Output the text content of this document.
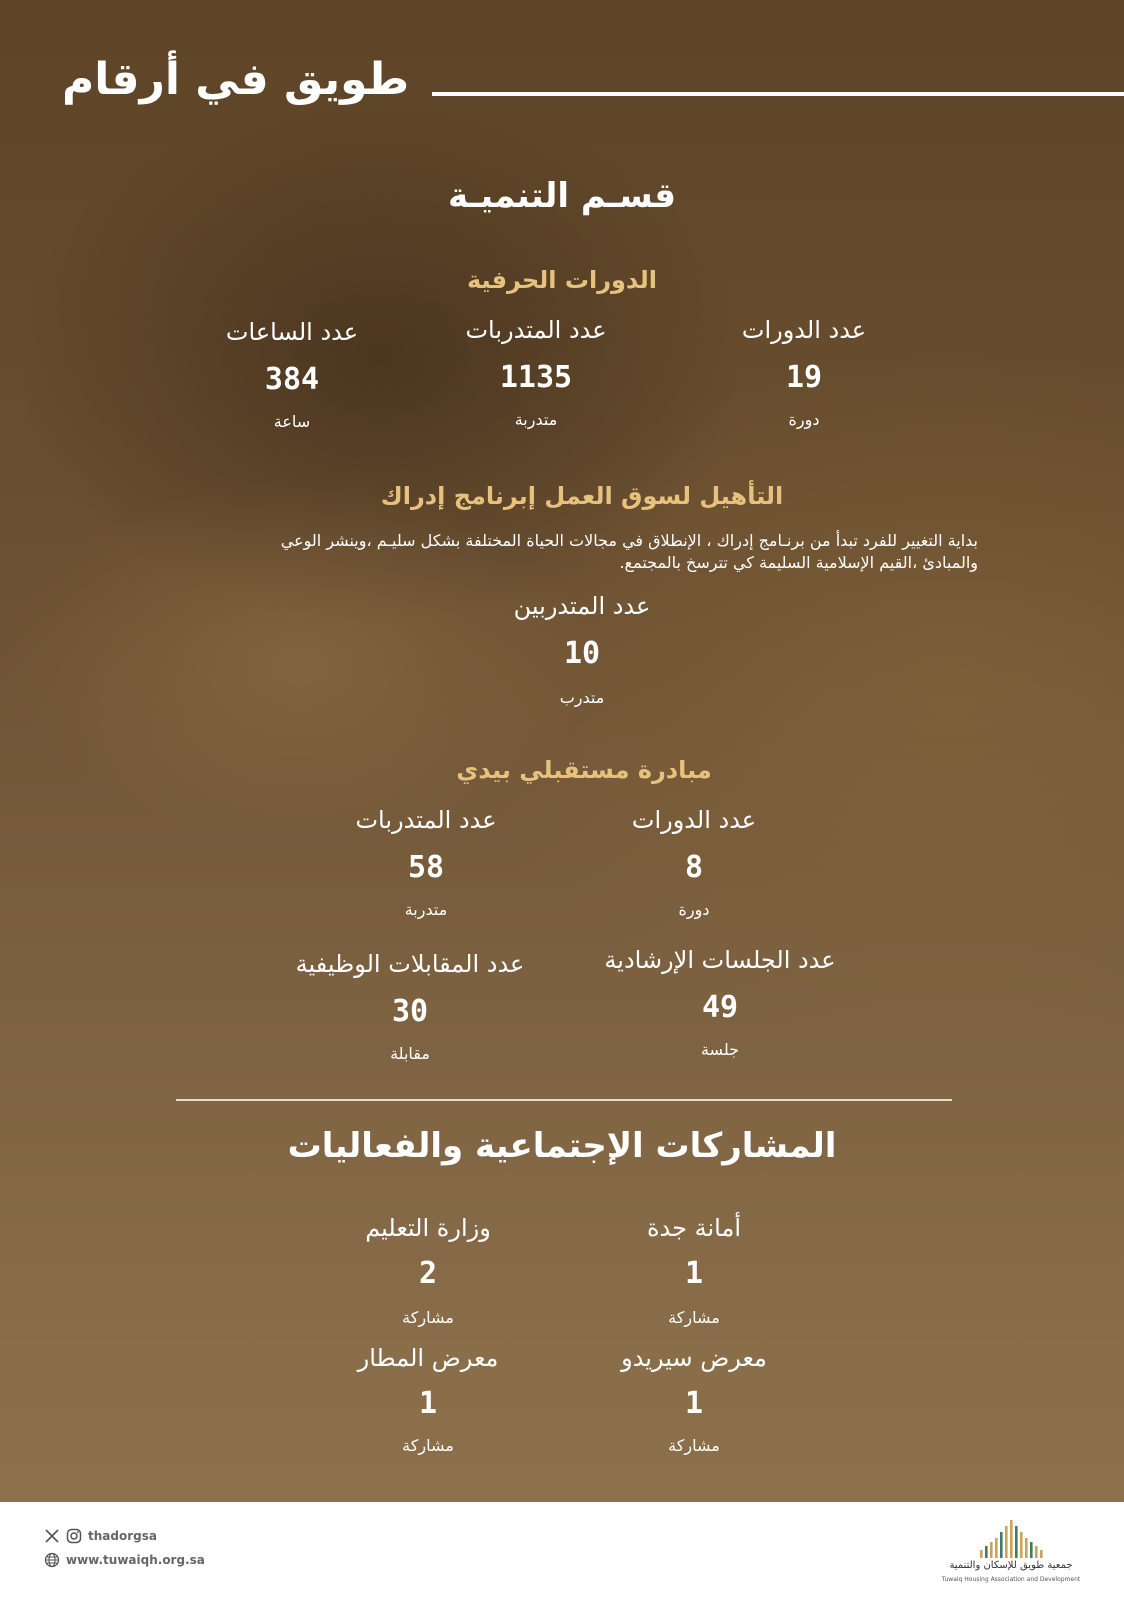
طويق في أرقام
قسـم التنميـة
الدورات الحرفية
عدد الدورات
19
دورة
عدد المتدربات
1135
متدربة
عدد الساعات
384
ساعة
التأهيل لسوق العمل إبرنامج إدراك
بداية التغيير للفرد تبدأ من برنـامج إدراك ، الإنطلاق في مجالات الحياة المختلفة بشكل سليـم ،وينشر الوعي
والمبادئ ،القيم الإسلامية السليمة كي تترسخ بالمجتمع.
عدد المتدربين
10
متدرب
مبادرة مستقبلي بيدي
عدد الدورات
8
دورة
عدد المتدربات
58
متدربة
عدد الجلسات الإرشادية
49
جلسة
عدد المقابلات الوظيفية
30
مقابلة
المشاركات الإجتماعية والفعاليات
أمانة جدة
1
مشاركة
وزارة التعليم
2
مشاركة
معرض سيريدو
1
مشاركة
معرض المطار
1
مشاركة
thadorgsa
www.tuwaiqh.org.sa	جمعية طويق للإسكان والتنمية
Tuwaiq Housing Association and Development
